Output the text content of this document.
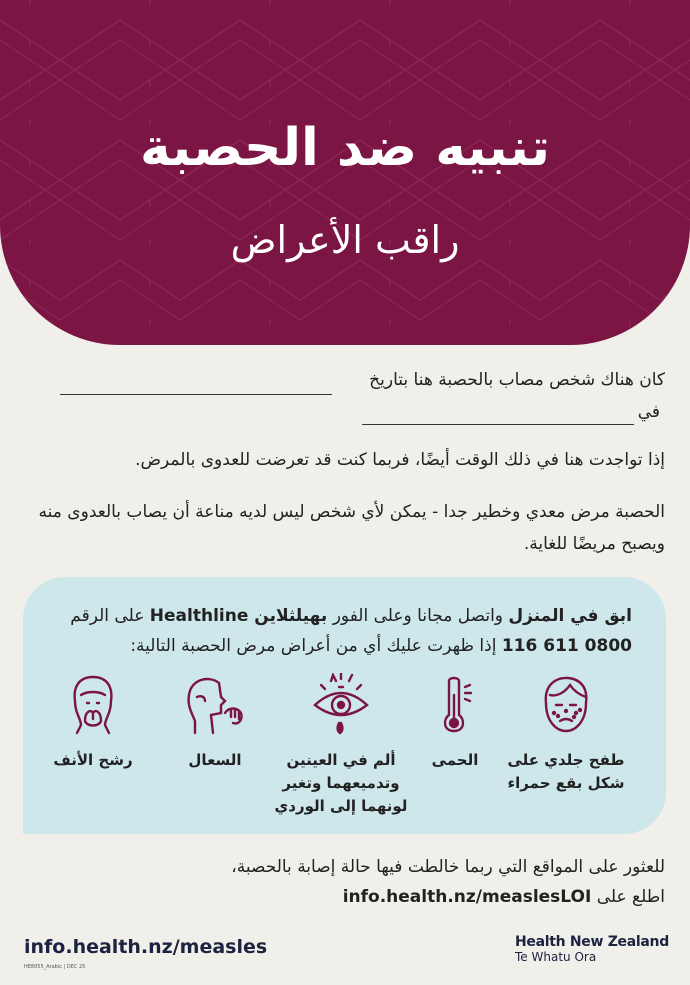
تنبيه ضد الحصبة
راقب الأعراض
كان هناك شخص مصاب بالحصبة هنا بتاريخ
في
إذا تواجدت هنا في ذلك الوقت أيضًا، فربما كنت قد تعرضت للعدوى بالمرض.
الحصبة مرض معدي وخطير جدا - يمكن لأي شخص ليس لديه مناعة أن يصاب بالعدوى منه ويصبح مريضًا للغاية.
ابق في المنزل واتصل مجانا وعلى الفور بهيلثلاين Healthline على الرقم
0800 611 116 إذا ظهرت عليك أي من أعراض مرض الحصبة التالية:
طفح جلدي على شكل بقع حمراء
الحمى
ألم في العينين وتدميعهما وتغير لونهما إلى الوردي
السعال
رشح الأنف
للعثور على المواقع التي ربما خالطت فيها حالة إصابة بالحصبة،
اطلع على info.health.nz/measlesLOI
info.health.nz/measles
HE8055_Arabic | DEC 25
Health New Zealand
Te Whatu Ora
